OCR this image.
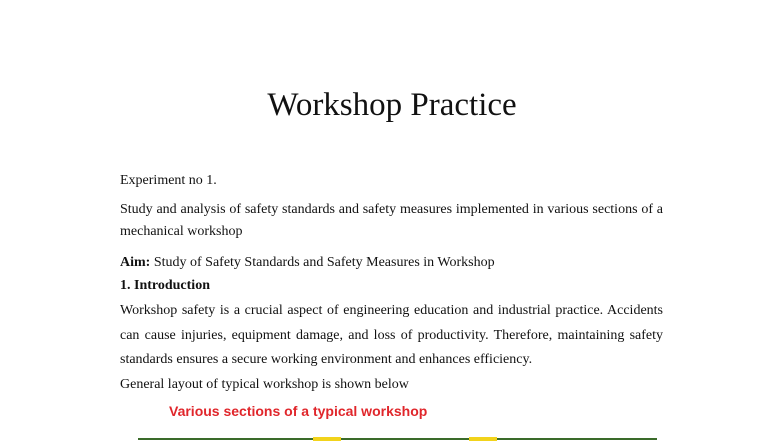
Workshop Practice

Experiment no 1.

Study and analysis of safety standards and safety measures implemented in various sections of a mechanical workshop

Aim: Study of Safety Standards and Safety Measures in Workshop

1. Introduction

Workshop safety is a crucial aspect of engineering education and industrial practice. Accidents can cause injuries, equipment damage, and loss of productivity. Therefore, maintaining safety standards ensures a secure working environment and enhances efficiency.

General layout of typical workshop is shown below

Various sections of a typical workshop
